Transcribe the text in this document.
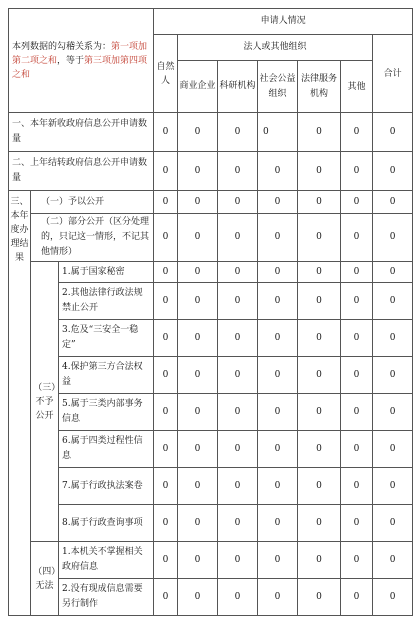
本列数据的勾稽关系为：第一项加第二项之和，等于第三项加第四项之和			申请人情况						
			自然人	法人或其他组织					合计
				商业企业	科研机构	社会公益组织	法律服务机构	其他	
一、本年新收政府信息公开申请数量			0	0	0	0	0	0	0
二、上年结转政府信息公开申请数量			0	0	0	0	0	0	0
三、本年度办理结果	（一）予以公开		0	0	0	0	0	0	0
	（二）部分公开（区分处理的，只记这一情形，不记其他情形）		0	0	0	0	0	0	0
	（三）不予公开	1.属于国家秘密	0	0	0	0	0	0	0
		2.其他法律行政法规禁止公开	0	0	0	0	0	0	0
		3.危及“三安全一稳定”	0	0	0	0	0	0	0
		4.保护第三方合法权益	0	0	0	0	0	0	0
		5.属于三类内部事务信息	0	0	0	0	0	0	0
		6.属于四类过程性信息	0	0	0	0	0	0	0
		7.属于行政执法案卷	0	0	0	0	0	0	0
		8.属于行政查询事项	0	0	0	0	0	0	0
	（四）无法	1.本机关不掌握相关政府信息	0	0	0	0	0	0	0
		2.没有现成信息需要另行制作	0	0	0	0	0	0	0
